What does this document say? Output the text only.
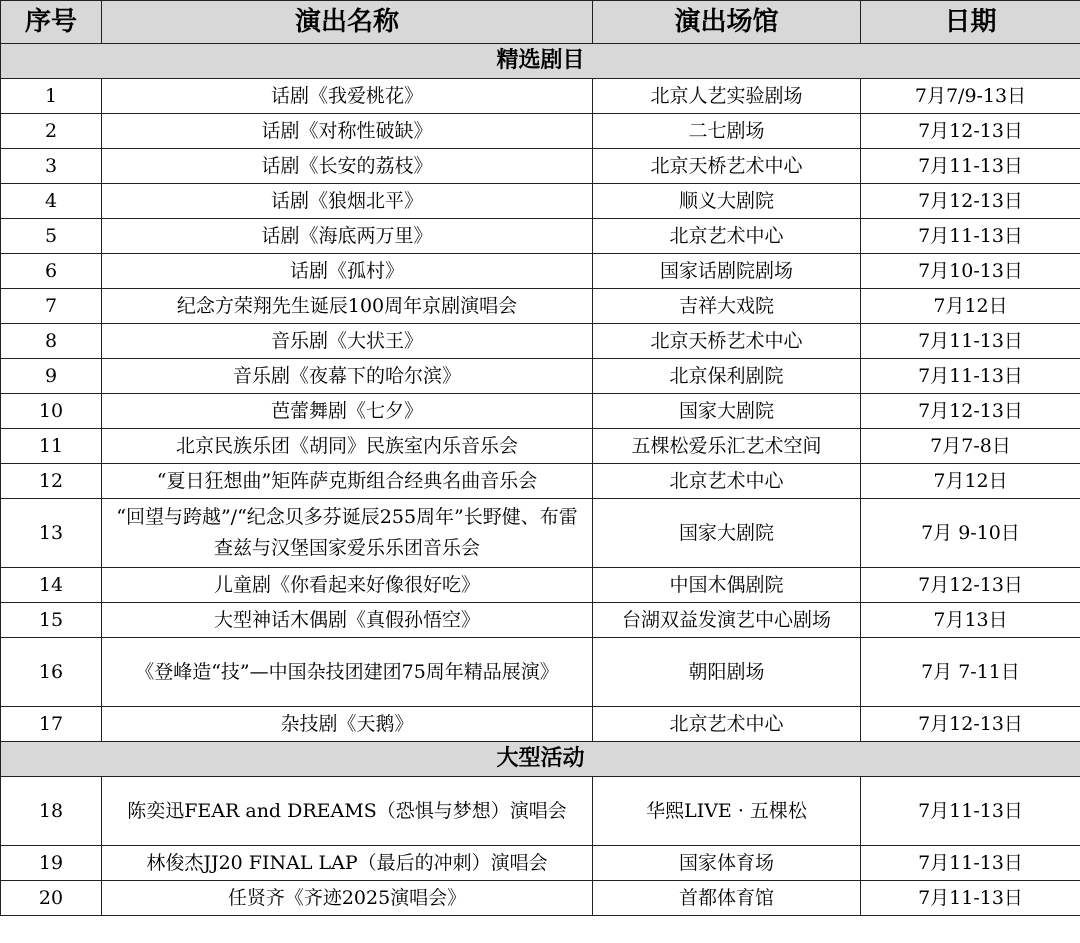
序号	演出名称	演出场馆	日期
精选剧目			
1	话剧《我爱桃花》	北京人艺实验剧场	7月7/9-13日
2	话剧《对称性破缺》	二七剧场	7月12-13日
3	话剧《长安的荔枝》	北京天桥艺术中心	7月11-13日
4	话剧《狼烟北平》	顺义大剧院	7月12-13日
5	话剧《海底两万里》	北京艺术中心	7月11-13日
6	话剧《孤村》	国家话剧院剧场	7月10-13日
7	纪念方荣翔先生诞辰100周年京剧演唱会	吉祥大戏院	7月12日
8	音乐剧《大状王》	北京天桥艺术中心	7月11-13日
9	音乐剧《夜幕下的哈尔滨》	北京保利剧院	7月11-13日
10	芭蕾舞剧《七夕》	国家大剧院	7月12-13日
11	北京民族乐团《胡同》民族室内乐音乐会	五棵松爱乐汇艺术空间	7月7-8日
12	“夏日狂想曲”矩阵萨克斯组合经典名曲音乐会	北京艺术中心	7月12日
13	“回望与跨越”/“纪念贝多芬诞辰255周年”长野健、布雷查兹与汉堡国家爱乐乐团音乐会	国家大剧院	7月 9-10日
14	儿童剧《你看起来好像很好吃》	中国木偶剧院	7月12-13日
15	大型神话木偶剧《真假孙悟空》	台湖双益发演艺中心剧场	7月13日
16	《登峰造“技”—中国杂技团建团75周年精品展演》	朝阳剧场	7月 7-11日
17	杂技剧《天鹅》	北京艺术中心	7月12-13日
大型活动			
18	陈奕迅FEAR and DREAMS（恐惧与梦想）演唱会	华熙LIVE · 五棵松	7月11-13日
19	林俊杰JJ20 FINAL LAP（最后的冲刺）演唱会	国家体育场	7月11-13日
20	任贤齐《齐迹2025演唱会》	首都体育馆	7月11-13日
